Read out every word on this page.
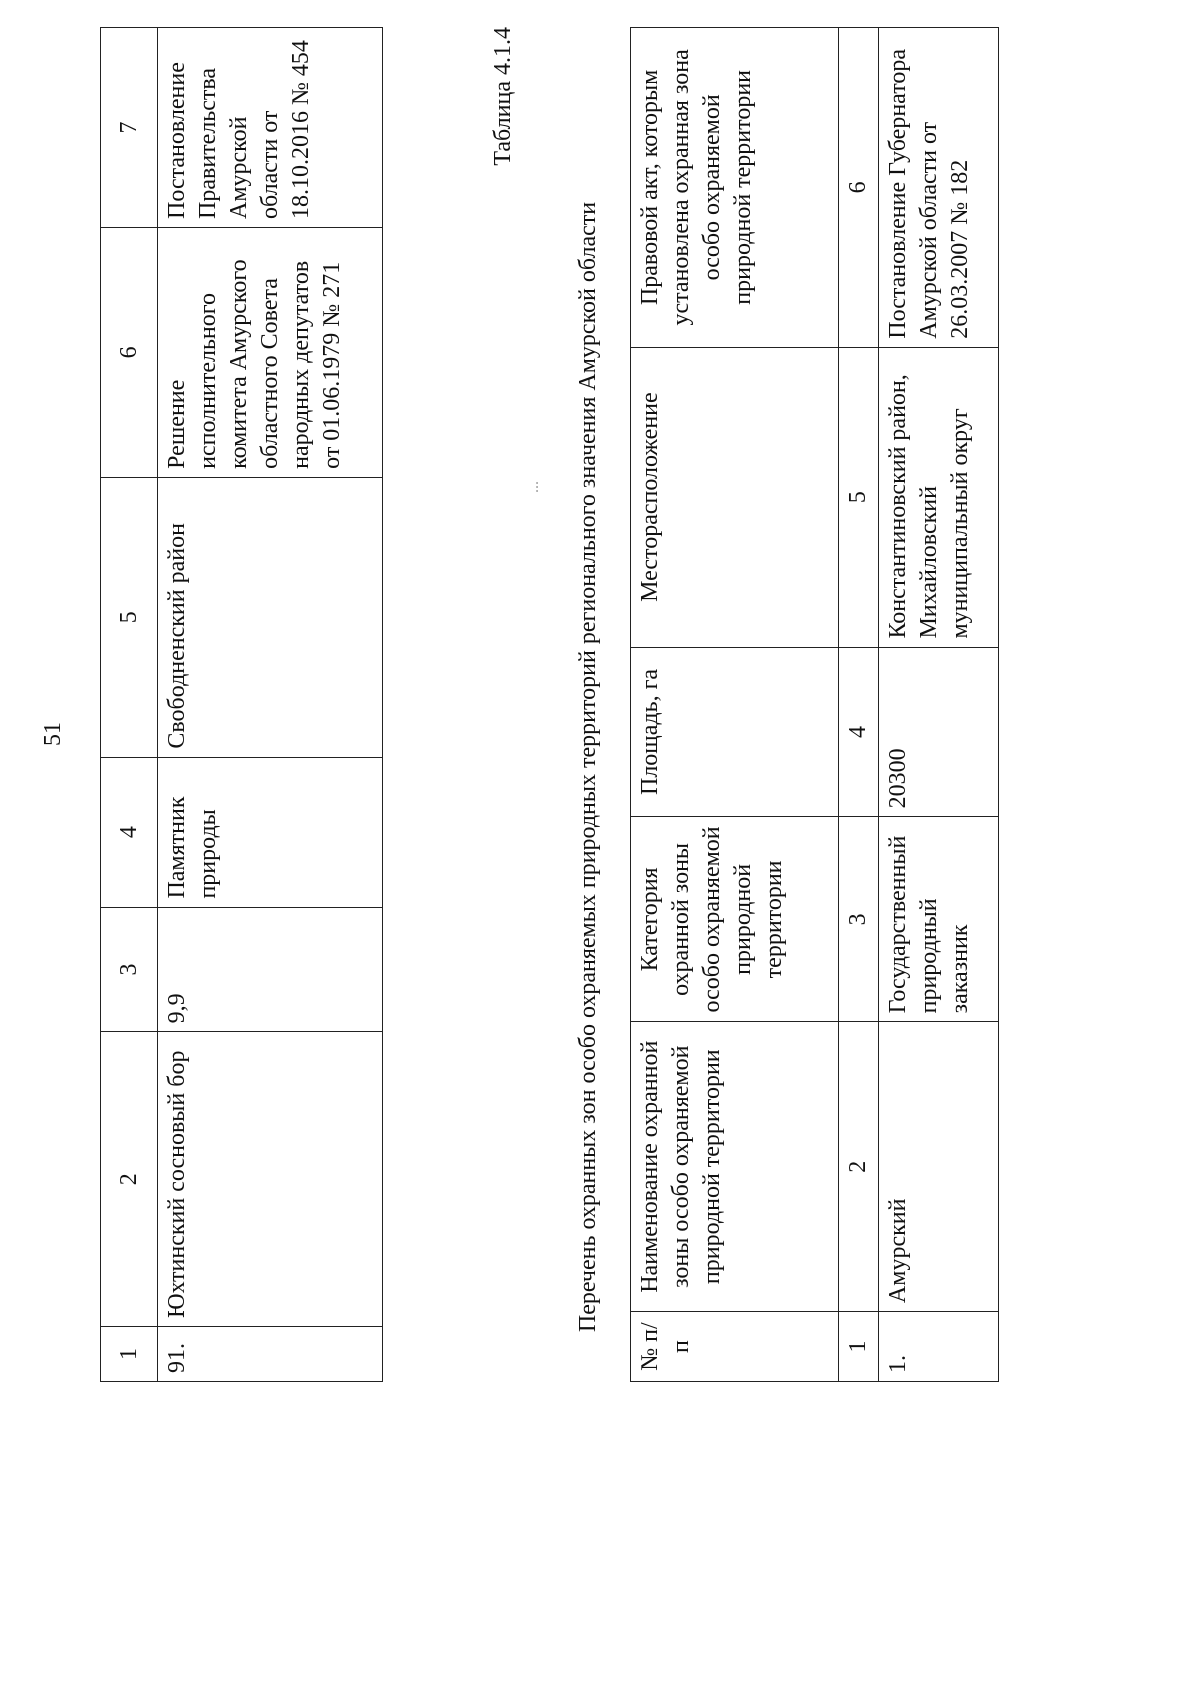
51
1	2	3	4	5	6	7
91.	Юхтинский сосновый бор	9,9	Памятник природы	Свободненский район	Решение исполнительного комитета Амурского областного Совета народных депутатов от 01.06.1979 № 271	Постановление Правительства Амурской области от 18.10.2016 № 454	Таблица 4.1.4
... Перечень охранных зон особо охраняемых природных территорий регионального значения Амурской области
№ п/п	Наименование охранной зоны особо охраняемой природной территории	Категория охранной зоны особо охраняемой природной территории	Площадь, га	Месторасположение	Правовой акт, которым установлена охранная зона особо охраняемой природной территории
1	2	3	4	5	6
1.	Амурский	Государственный природный заказник	20300	Константиновский район, Михайловский муниципальный округ	Постановление Губернатора Амурской области от 26.03.2007 № 182
